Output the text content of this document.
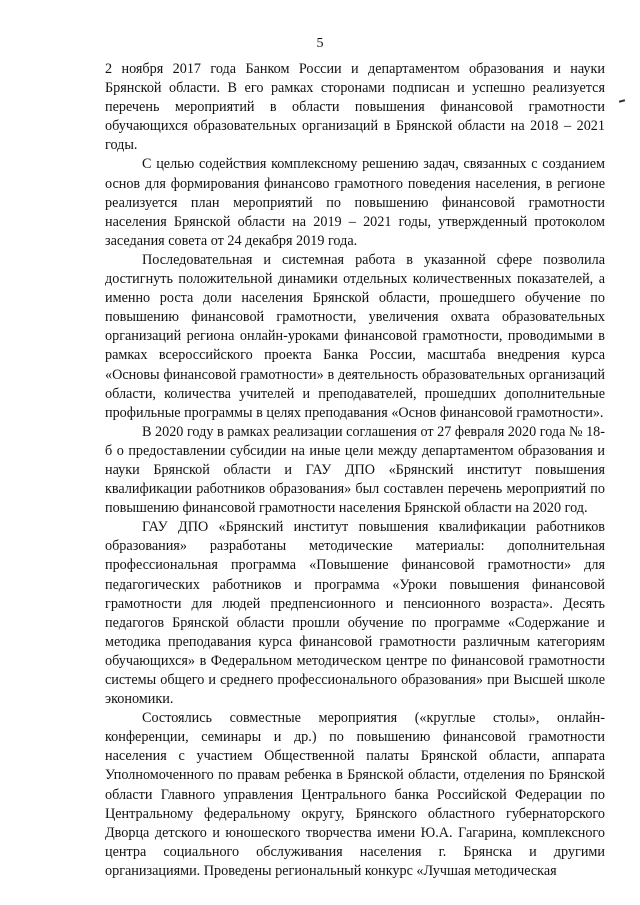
5

2 ноября 2017 года Банком России и департаментом образования и науки Брянской области. В его рамках сторонами подписан и успешно реализуется перечень мероприятий в области повышения финансовой грамотности обучающихся образовательных организаций в Брянской области на 2018 – 2021 годы.

С целью содействия комплексному решению задач, связанных с созданием основ для формирования финансово грамотного поведения населения, в регионе реализуется план мероприятий по повышению финансовой грамотности населения Брянской области на 2019 – 2021 годы, утвержденный протоколом заседания совета от 24 декабря 2019 года.

Последовательная и системная работа в указанной сфере позволила достигнуть положительной динамики отдельных количественных показателей, а именно роста доли населения Брянской области, прошедшего обучение по повышению финансовой грамотности, увеличения охвата образовательных организаций региона онлайн-уроками финансовой грамотности, проводимыми в рамках всероссийского проекта Банка России, масштаба внедрения курса «Основы финансовой грамотности» в деятельность образовательных организаций области, количества учителей и преподавателей, прошедших дополнительные профильные программы в целях преподавания «Основ финансовой грамотности».

В 2020 году в рамках реализации соглашения от 27 февраля 2020 года № 18-б о предоставлении субсидии на иные цели между департаментом образования и науки Брянской области и ГАУ ДПО «Брянский институт повышения квалификации работников образования» был составлен перечень мероприятий по повышению финансовой грамотности населения Брянской области на 2020 год.

ГАУ ДПО «Брянский институт повышения квалификации работников образования» разработаны методические материалы: дополнительная профессиональная программа «Повышение финансовой грамотности» для педагогических работников и программа «Уроки повышения финансовой грамотности для людей предпенсионного и пенсионного возраста». Десять педагогов Брянской области прошли обучение по программе «Содержание и методика преподавания курса финансовой грамотности различным категориям обучающихся» в Федеральном методическом центре по финансовой грамотности системы общего и среднего профессионального образования» при Высшей школе экономики.

Состоялись совместные мероприятия («круглые столы», онлайн-конференции, семинары и др.) по повышению финансовой грамотности населения с участием Общественной палаты Брянской области, аппарата Уполномоченного по правам ребенка в Брянской области, отделения по Брянской области Главного управления Центрального банка Российской Федерации по Центральному федеральному округу, Брянского областного губернаторского Дворца детского и юношеского творчества имени Ю.А. Гагарина, комплексного центра социального обслуживания населения г. Брянска и другими организациями. Проведены региональный конкурс «Лучшая методическая
